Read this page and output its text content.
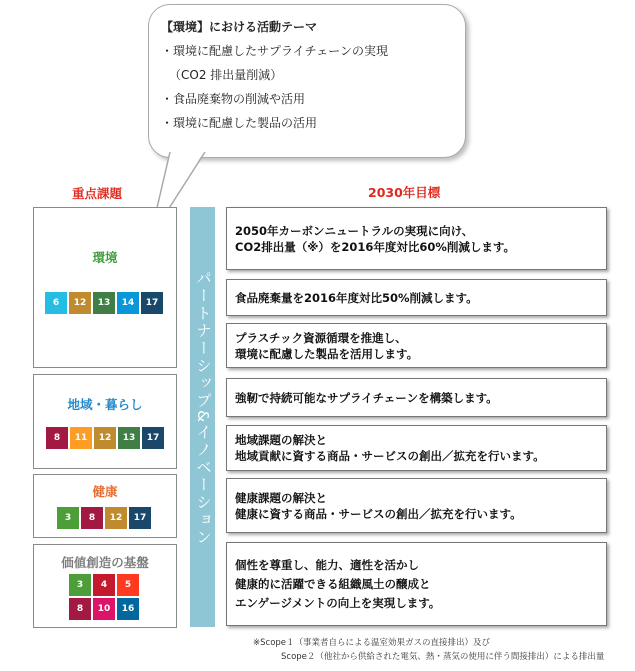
【環境】における活動テーマ
・環境に配慮したサプライチェーンの実現
（CO2 排出量削減）
・食品廃棄物の削減や活用
・環境に配慮した製品の活用
重点課題	2030年目標
環境
6 12 13 14 17
地域・暮らし
8 11 12 13 17
健康
3 8 12 17
価値創造の基盤
3 4 5
8 10 16
パートナーシップ&イノベーション
2050年カーボンニュートラルの実現に向け、
CO2排出量（※）を2016年度対比60%削減します。
食品廃棄量を2016年度対比50%削減します。
プラスチック資源循環を推進し、
環境に配慮した製品を活用します。
強靭で持続可能なサプライチェーンを構築します。
地域課題の解決と
地域貢献に資する商品・サービスの創出／拡充を行います。
健康課題の解決と
健康に資する商品・サービスの創出／拡充を行います。
個性を尊重し、能力、適性を活かし
健康的に活躍できる組織風土の醸成と
エンゲージメントの向上を実現します。
※Scope１（事業者自らによる温室効果ガスの直接排出）及び
Scope２（他社から供給された電気、熱・蒸気の使用に伴う間接排出）による排出量
